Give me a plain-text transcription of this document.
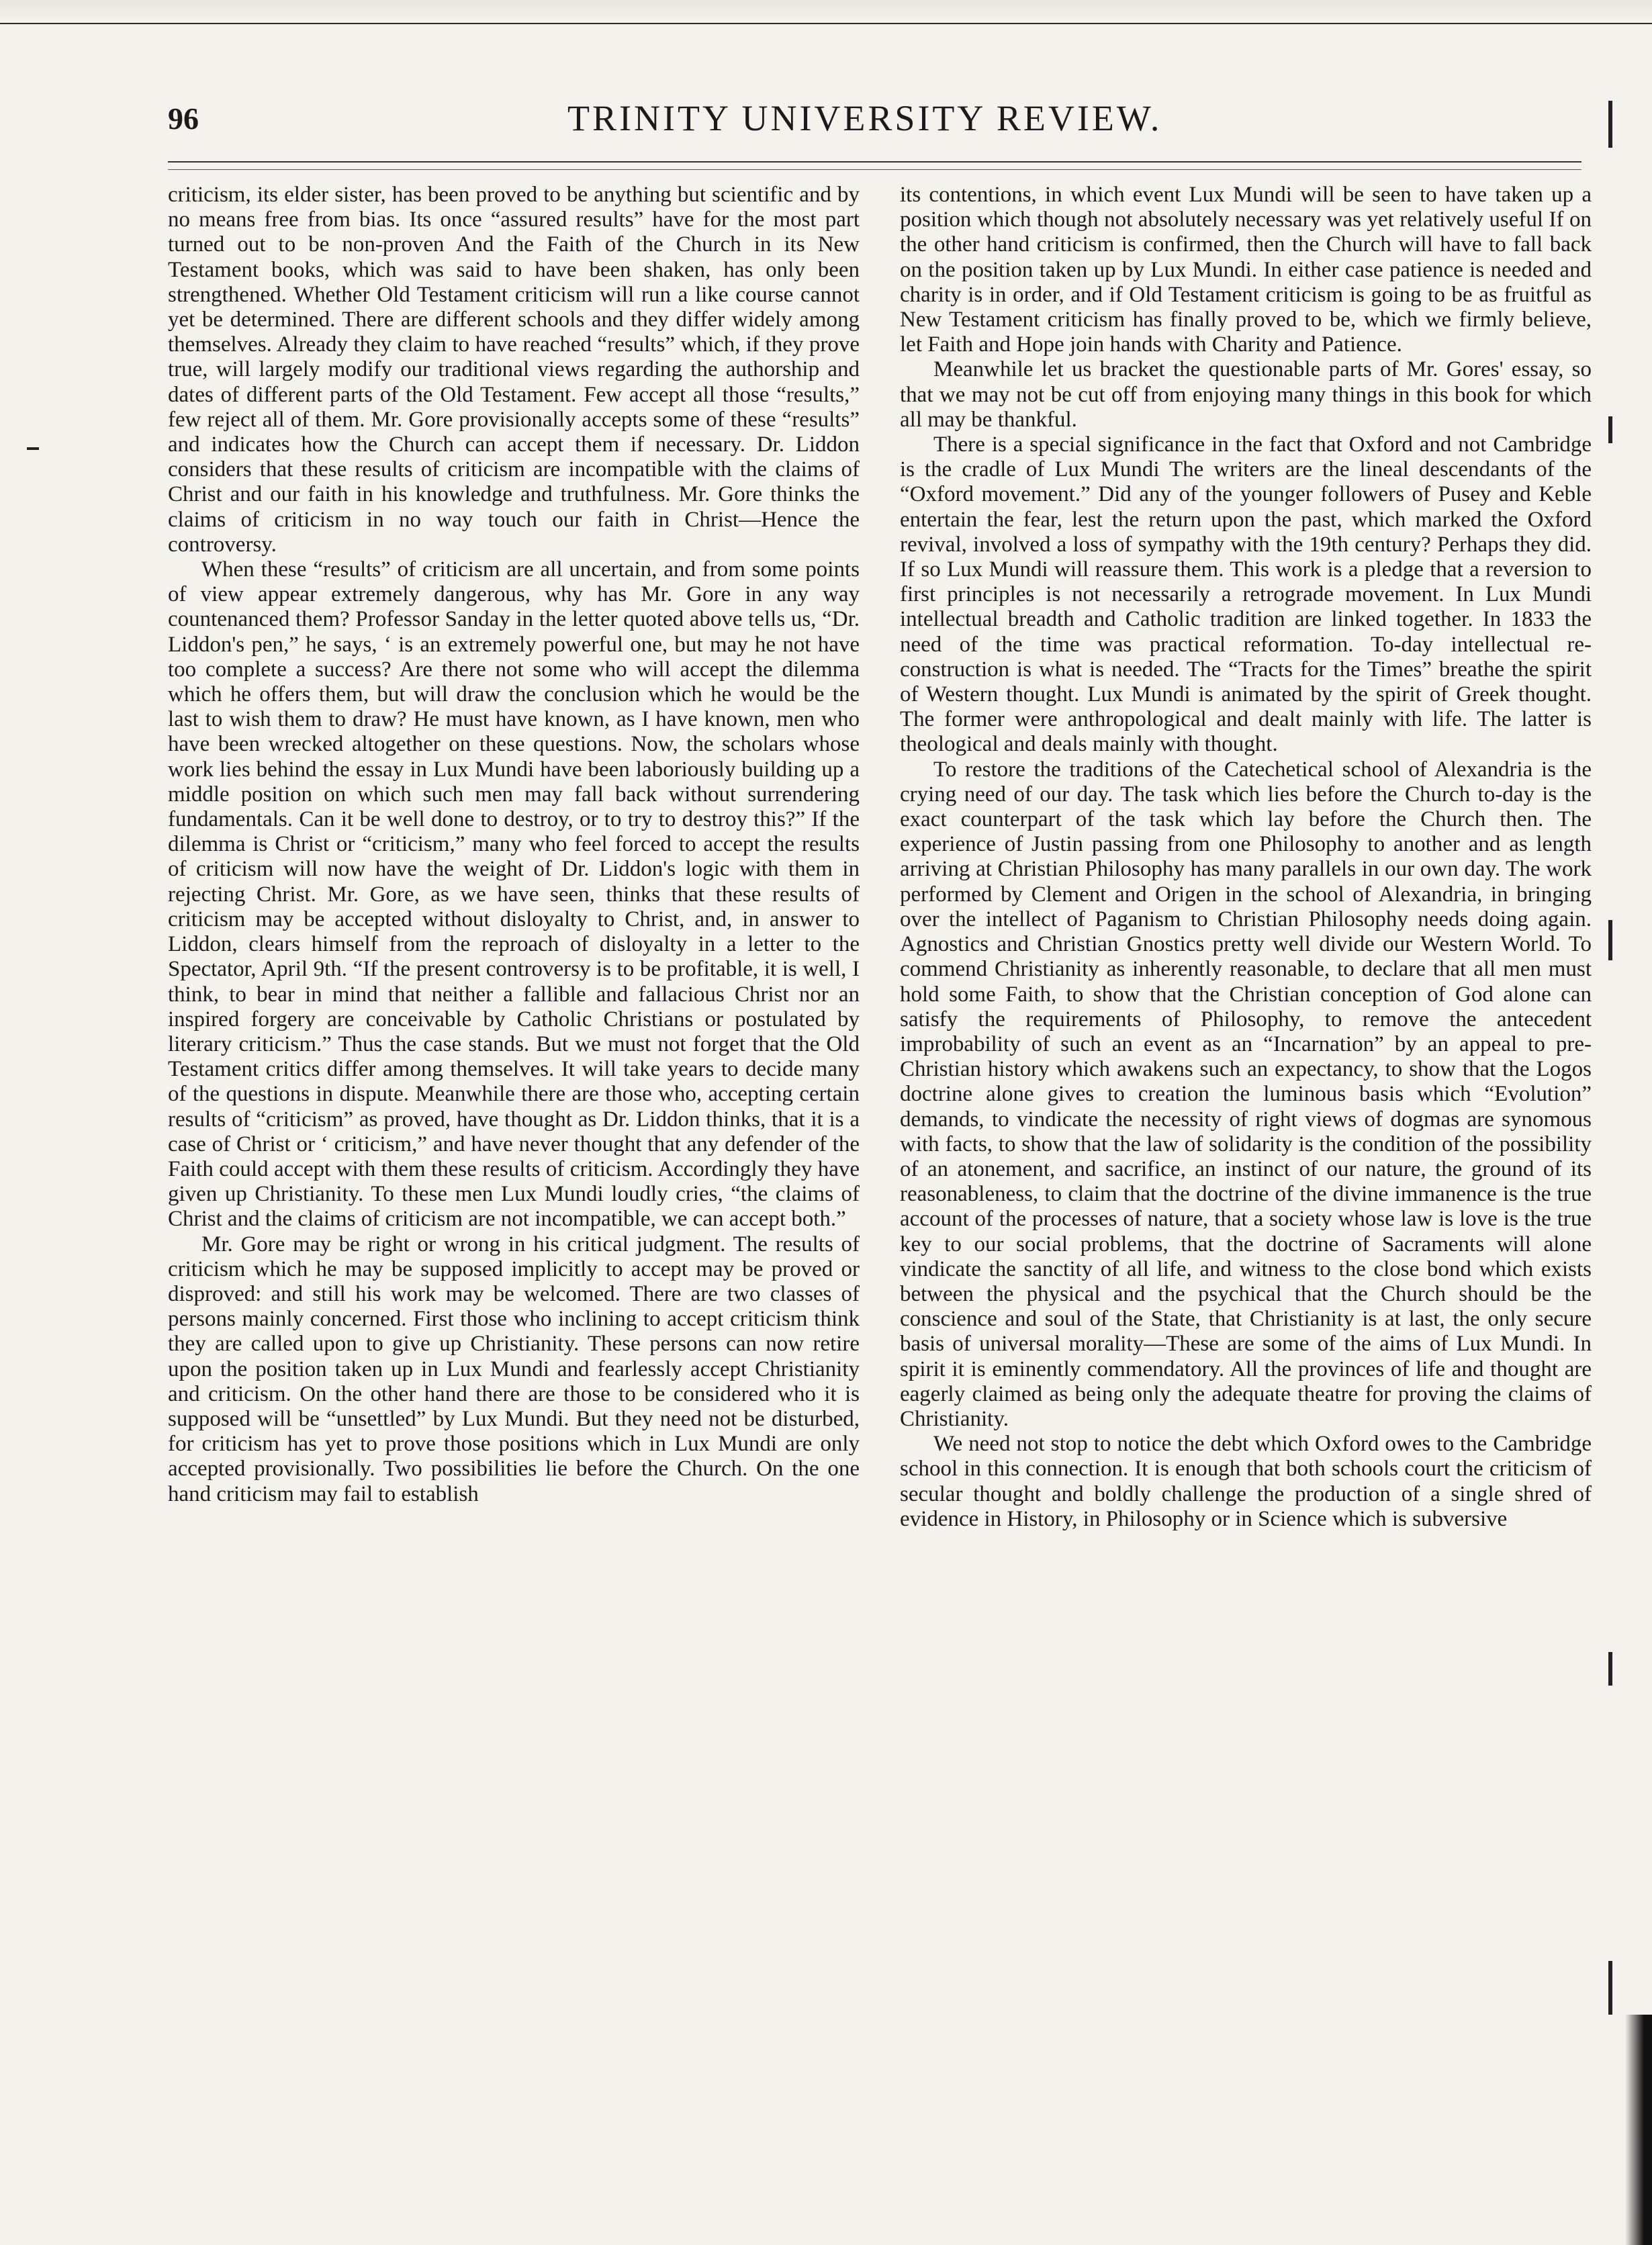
96	TRINITY UNIVERSITY REVIEW.

criticism, its elder sister, has been proved to be anything but scientific and by no means free from bias. Its once “assured results” have for the most part turned out to be non-proven And the Faith of the Church in its New Testament books, which was said to have been shaken, has only been strengthened. Whether Old Testament criticism will run a like course cannot yet be determined. There are different schools and they differ widely among themselves. Already they claim to have reached “results” which, if they prove true, will largely modify our traditional views regarding the authorship and dates of different parts of the Old Testament. Few accept all those “results,” few reject all of them. Mr. Gore provisionally accepts some of these “results” and indicates how the Church can accept them if necessary. Dr. Liddon considers that these results of criticism are incompatible with the claims of Christ and our faith in his knowledge and truthfulness. Mr. Gore thinks the claims of criticism in no way touch our faith in Christ—Hence the controversy.

When these “results” of criticism are all uncertain, and from some points of view appear extremely dangerous, why has Mr. Gore in any way countenanced them? Professor Sanday in the letter quoted above tells us, “Dr. Liddon's pen,” he says, ‘ is an extremely powerful one, but may he not have too complete a success? Are there not some who will accept the dilemma which he offers them, but will draw the conclusion which he would be the last to wish them to draw? He must have known, as I have known, men who have been wrecked altogether on these questions. Now, the scholars whose work lies behind the essay in Lux Mundi have been laboriously building up a middle position on which such men may fall back without surrendering fundamentals. Can it be well done to destroy, or to try to destroy this?” If the dilemma is Christ or “criticism,” many who feel forced to accept the results of criticism will now have the weight of Dr. Liddon's logic with them in rejecting Christ. Mr. Gore, as we have seen, thinks that these results of criticism may be accepted without disloyalty to Christ, and, in answer to Liddon, clears himself from the reproach of disloyalty in a letter to the Spectator, April 9th. “If the present controversy is to be profitable, it is well, I think, to bear in mind that neither a fallible and fallacious Christ nor an inspired forgery are conceivable by Catholic Christians or postulated by literary criticism.” Thus the case stands. But we must not forget that the Old Testament critics differ among themselves. It will take years to decide many of the questions in dispute. Meanwhile there are those who, accepting certain results of “criticism” as proved, have thought as Dr. Liddon thinks, that it is a case of Christ or ‘ criticism,” and have never thought that any defender of the Faith could accept with them these results of criticism. Accordingly they have given up Christianity. To these men Lux Mundi loudly cries, “the claims of Christ and the claims of criticism are not incompatible, we can accept both.”

Mr. Gore may be right or wrong in his critical judgment. The results of criticism which he may be supposed implicitly to accept may be proved or disproved: and still his work may be welcomed. There are two classes of persons mainly concerned. First those who inclining to accept criticism think they are called upon to give up Christianity. These persons can now retire upon the position taken up in Lux Mundi and fearlessly accept Christianity and criticism. On the other hand there are those to be considered who it is supposed will be “unsettled” by Lux Mundi. But they need not be disturbed, for criticism has yet to prove those positions which in Lux Mundi are only accepted provisionally. Two possibilities lie before the Church. On the one hand criticism may fail to establish

its contentions, in which event Lux Mundi will be seen to have taken up a position which though not absolutely necessary was yet relatively useful If on the other hand criticism is confirmed, then the Church will have to fall back on the position taken up by Lux Mundi. In either case patience is needed and charity is in order, and if Old Testament criticism is going to be as fruitful as New Testament criticism has finally proved to be, which we firmly believe, let Faith and Hope join hands with Charity and Patience.

Meanwhile let us bracket the questionable parts of Mr. Gores' essay, so that we may not be cut off from enjoying many things in this book for which all may be thankful.

There is a special significance in the fact that Oxford and not Cambridge is the cradle of Lux Mundi The writers are the lineal descendants of the “Oxford movement.” Did any of the younger followers of Pusey and Keble entertain the fear, lest the return upon the past, which marked the Oxford revival, involved a loss of sympathy with the 19th century? Perhaps they did. If so Lux Mundi will reassure them. This work is a pledge that a reversion to first principles is not necessarily a retrograde movement. In Lux Mundi intellectual breadth and Catholic tradition are linked together. In 1833 the need of the time was practical reformation. To-day intellectual re-construction is what is needed. The “Tracts for the Times” breathe the spirit of Western thought. Lux Mundi is animated by the spirit of Greek thought. The former were anthropological and dealt mainly with life. The latter is theological and deals mainly with thought.

To restore the traditions of the Catechetical school of Alexandria is the crying need of our day. The task which lies before the Church to-day is the exact counterpart of the task which lay before the Church then. The experience of Justin passing from one Philosophy to another and as length arriving at Christian Philosophy has many parallels in our own day. The work performed by Clement and Origen in the school of Alexandria, in bringing over the intellect of Paganism to Christian Philosophy needs doing again. Agnostics and Christian Gnostics pretty well divide our Western World. To commend Christianity as inherently reasonable, to declare that all men must hold some Faith, to show that the Christian conception of God alone can satisfy the requirements of Philosophy, to remove the antecedent improbability of such an event as an “Incarnation” by an appeal to pre-Christian history which awakens such an expectancy, to show that the Logos doctrine alone gives to creation the luminous basis which “Evolution” demands, to vindicate the necessity of right views of dogmas are synomous with facts, to show that the law of solidarity is the condition of the possibility of an atonement, and sacrifice, an instinct of our nature, the ground of its reasonableness, to claim that the doctrine of the divine immanence is the true account of the processes of nature, that a society whose law is love is the true key to our social problems, that the doctrine of Sacraments will alone vindicate the sanctity of all life, and witness to the close bond which exists between the physical and the psychical that the Church should be the conscience and soul of the State, that Christianity is at last, the only secure basis of universal morality—These are some of the aims of Lux Mundi. In spirit it is eminently commendatory. All the provinces of life and thought are eagerly claimed as being only the adequate theatre for proving the claims of Christianity.

We need not stop to notice the debt which Oxford owes to the Cambridge school in this connection. It is enough that both schools court the criticism of secular thought and boldly challenge the production of a single shred of evidence in History, in Philosophy or in Science which is subversive
